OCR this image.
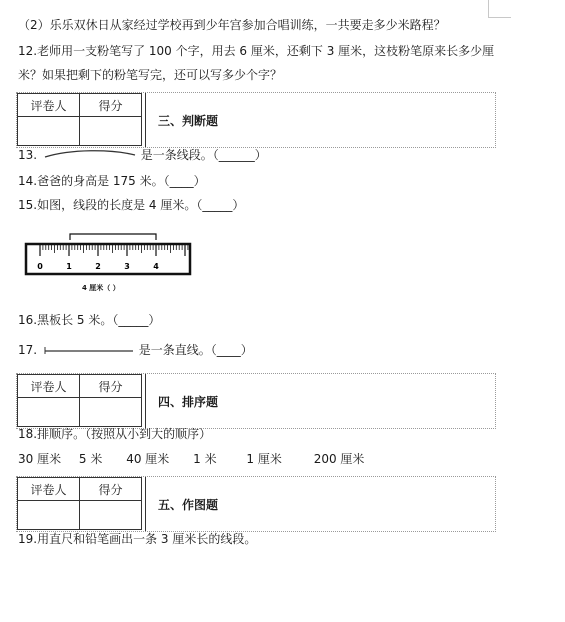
（2）乐乐双休日从家经过学校再到少年宫参加合唱训练，一共要走多少米路程？
12.老师用一支粉笔写了 100 个字，用去 6 厘米，还剩下 3 厘米，这枝粉笔原来长多少厘
米？如果把剩下的粉笔写完，还可以写多少个字？
评卷人	得分

三、判断题
13.	是一条线段。（______）
14.爸爸的身高是 175 米。（____）
15.如图，线段的长度是 4 厘米。（_____）
0	1	2	3	4
4 厘米（ ）
16.黑板长 5 米。（_____）
17.	是一条直线。（____）
评卷人	得分

四、排序题
18.排顺序。（按照从小到大的顺序）
30 厘米 5 米 40 厘米 1 米 1 厘米	200 厘米
评卷人	得分

五、作图题
19.用直尺和铅笔画出一条 3 厘米长的线段。
